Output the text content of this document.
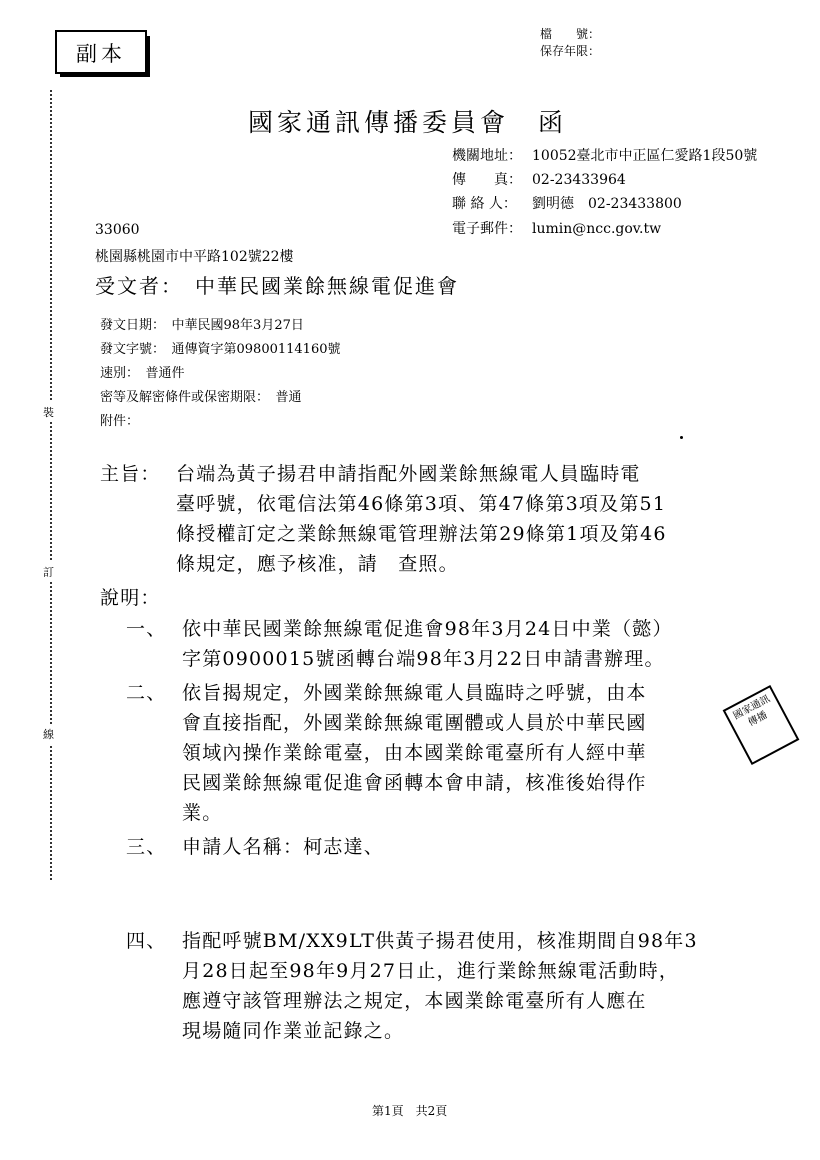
副本
檔　　號：
保存年限：
裝
訂
線
國家通訊傳播委員會　函
機關地址： 10052臺北市中正區仁愛路1段50號
傳　　真： 02-23433964
聯 絡 人： 劉明德　02-23433800
電子郵件： lumin@ncc.gov.tw
33060
桃園縣桃園市中平路102號22樓
受文者：　中華民國業餘無線電促進會
發文日期：　中華民國98年3月27日
發文字號：　通傳資字第09800114160號
速別：　普通件
密等及解密條件或保密期限：　普通
附件：
主旨： 台端為黃子揚君申請指配外國業餘無線電人員臨時電
臺呼號，依電信法第46條第3項、第47條第3項及第51
條授權訂定之業餘無線電管理辦法第29條第1項及第46
條規定，應予核准，請　查照。
說明：
一、 依中華民國業餘無線電促進會98年3月24日中業（懿）
字第0900015號函轉台端98年3月22日申請書辦理。
二、 依旨揭規定，外國業餘無線電人員臨時之呼號，由本
會直接指配，外國業餘無線電團體或人員於中華民國
領域內操作業餘電臺，由本國業餘電臺所有人經中華
民國業餘無線電促進會函轉本會申請，核准後始得作
業。
三、 申請人名稱：柯志達、
四、 指配呼號BM/XX9LT供黃子揚君使用，核准期間自98年3
月28日起至98年9月27日止，進行業餘無線電活動時，
應遵守該管理辦法之規定，本國業餘電臺所有人應在
現場隨同作業並記錄之。
國家通訊傳播
第1頁　共2頁
